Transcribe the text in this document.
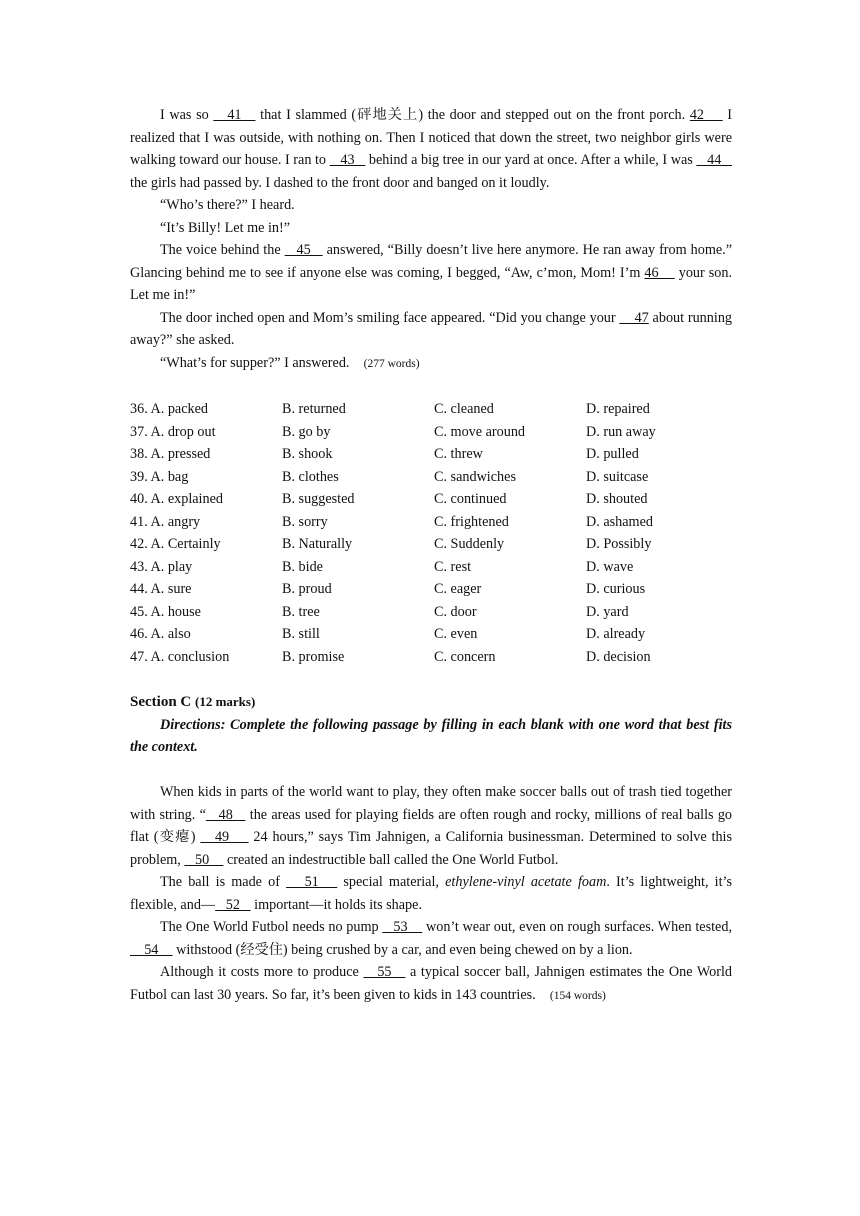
I was so    41    that I slammed (砰地关上) the door and stepped out on the front porch. 42     I realized that I was outside, with nothing on. Then I noticed that down the street, two neighbor girls were walking toward our house. I ran to    43    behind a big tree in our yard at once. After a while, I was    44    the girls had passed by. I dashed to the front door and banged on it loudly.

“Who’s there?” I heard.

“It’s Billy! Let me in!”

The voice behind the    45    answered, “Billy doesn’t live here anymore. He ran away from home.” Glancing behind me to see if anyone else was coming, I begged, “Aw, c’mon, Mom! I’m 46     your son. Let me in!”

The door inched open and Mom’s smiling face appeared. “Did you change your     47 about running away?” she asked.

“What’s for supper?” I answered. (277 words)

36. A. packed	B. returned	C. cleaned	D. repaired
37. A. drop out	B. go by	C. move around	D. run away
38. A. pressed	B. shook	C. threw	D. pulled
39. A. bag	B. clothes	C. sandwiches	D. suitcase
40. A. explained	B. suggested	C. continued	D. shouted
41. A. angry	B. sorry	C. frightened	D. ashamed
42. A. Certainly	B. Naturally	C. Suddenly	D. Possibly
43. A. play	B. bide	C. rest	D. wave
44. A. sure	B. proud	C. eager	D. curious
45. A. house	B. tree	C. door	D. yard
46. A. also	B. still	C. even	D. already
47. A. conclusion	B. promise	C. concern	D. decision
Section C (12 marks)

Directions: Complete the following passage by filling in each blank with one word that best fits the context.

When kids in parts of the world want to play, they often make soccer balls out of trash tied together with string. “   48    the areas used for playing fields are often rough and rocky, millions of real balls go flat (变瘪)    49     24 hours,” says Tim Jahnigen, a California businessman. Determined to solve this problem,    50     created an indestructible ball called the One World Futbol.

The ball is made of    51    special material, ethylene-vinyl acetate foam. It’s lightweight, it’s flexible, and—   52    important—it holds its shape.

The One World Futbol needs no pump    53     won’t wear out, even on rough surfaces. When tested,    54     withstood (经受住) being crushed by a car, and even being chewed on by a lion.

Although it costs more to produce    55    a typical soccer ball, Jahnigen estimates the One World Futbol can last 30 years. So far, it’s been given to kids in 143 countries. (154 words)
